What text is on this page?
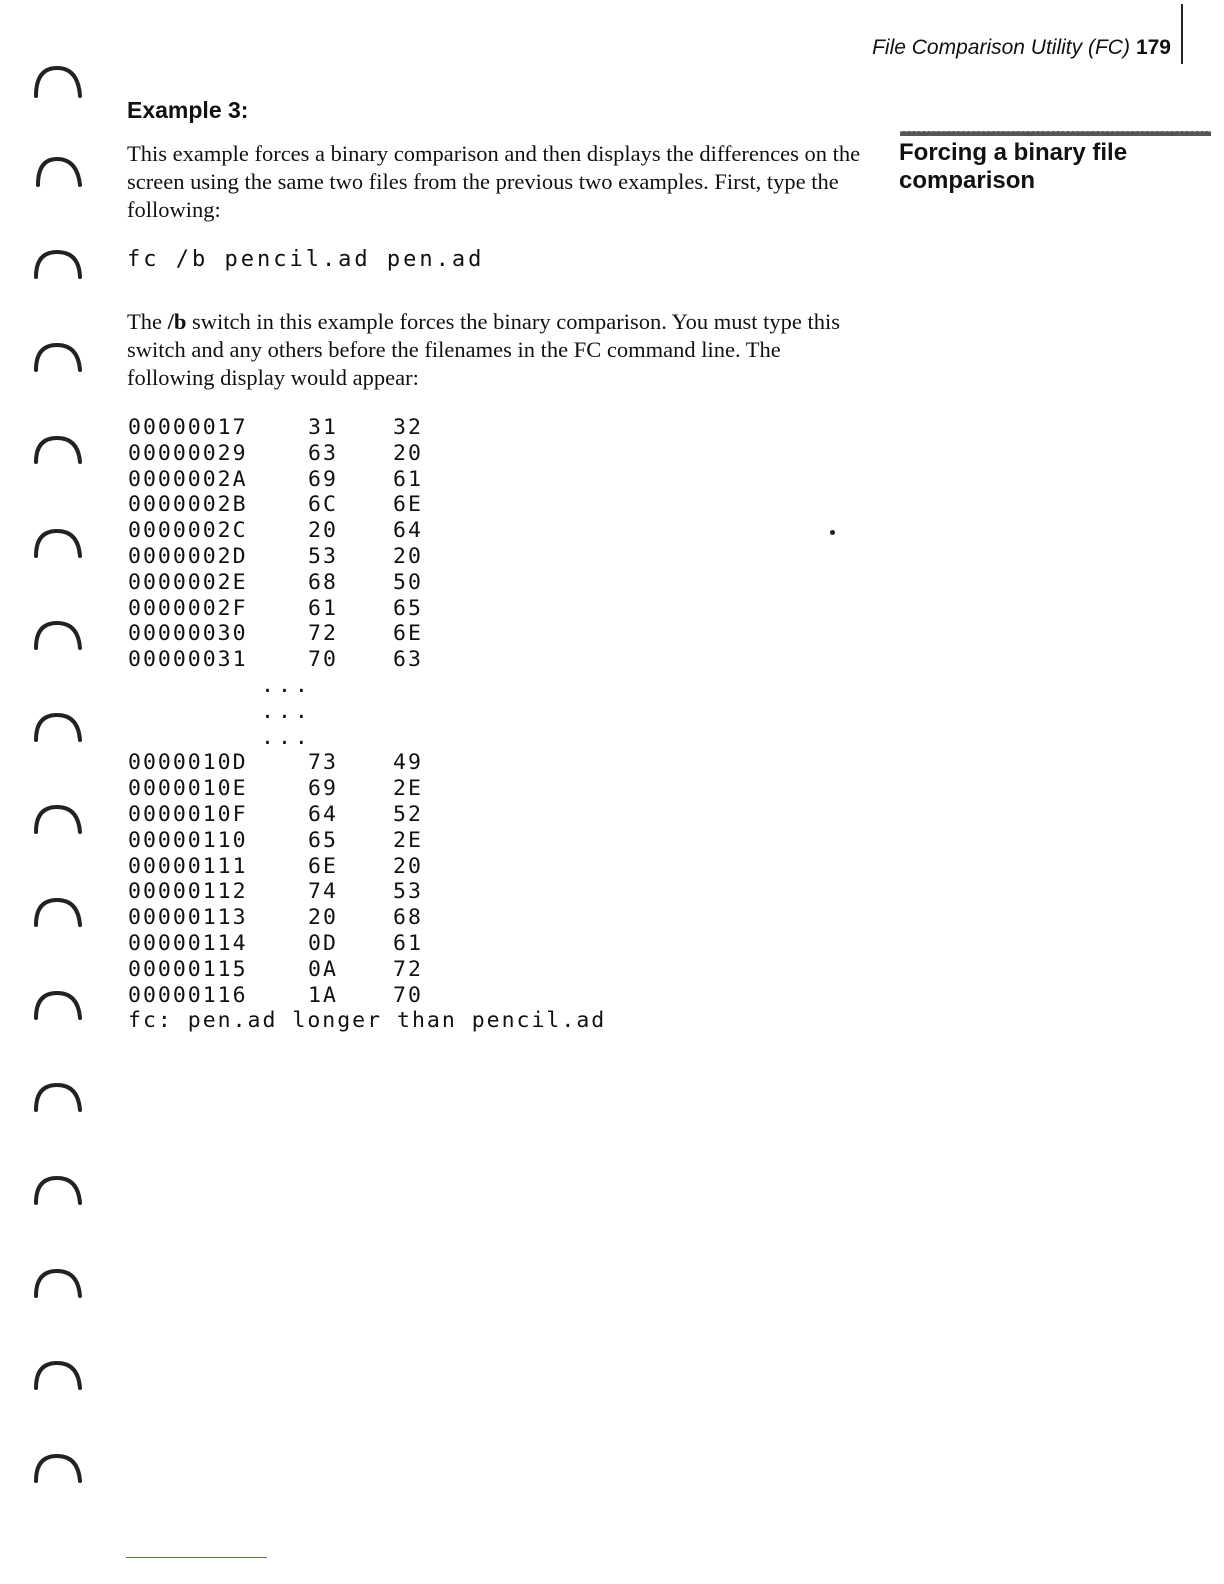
File Comparison Utility (FC) 179
Example 3:
Forcing a binary file comparison
This example forces a binary comparison and then displays the differences on the screen using the same two files from the previous two examples. First, type the following:
fc /b pencil.ad pen.ad
The /b switch in this example forces the binary comparison. You must type this switch and any others before the filenames in the FC command line. The following display would appear:
00000017	31	32
00000029	63	20
0000002A	69	61
0000002B	6C	6E
0000002C	20	64
0000002D	53	20
0000002E	68	50
0000002F	61	65
00000030	72	6E
00000031	70	63
...
...
...
0000010D	73	49
0000010E	69	2E
0000010F	64	52
00000110	65	2E
00000111	6E	20
00000112	74	53
00000113	20	68
00000114	0D	61
00000115	0A	72
00000116	1A	70
fc: pen.ad longer than pencil.ad
